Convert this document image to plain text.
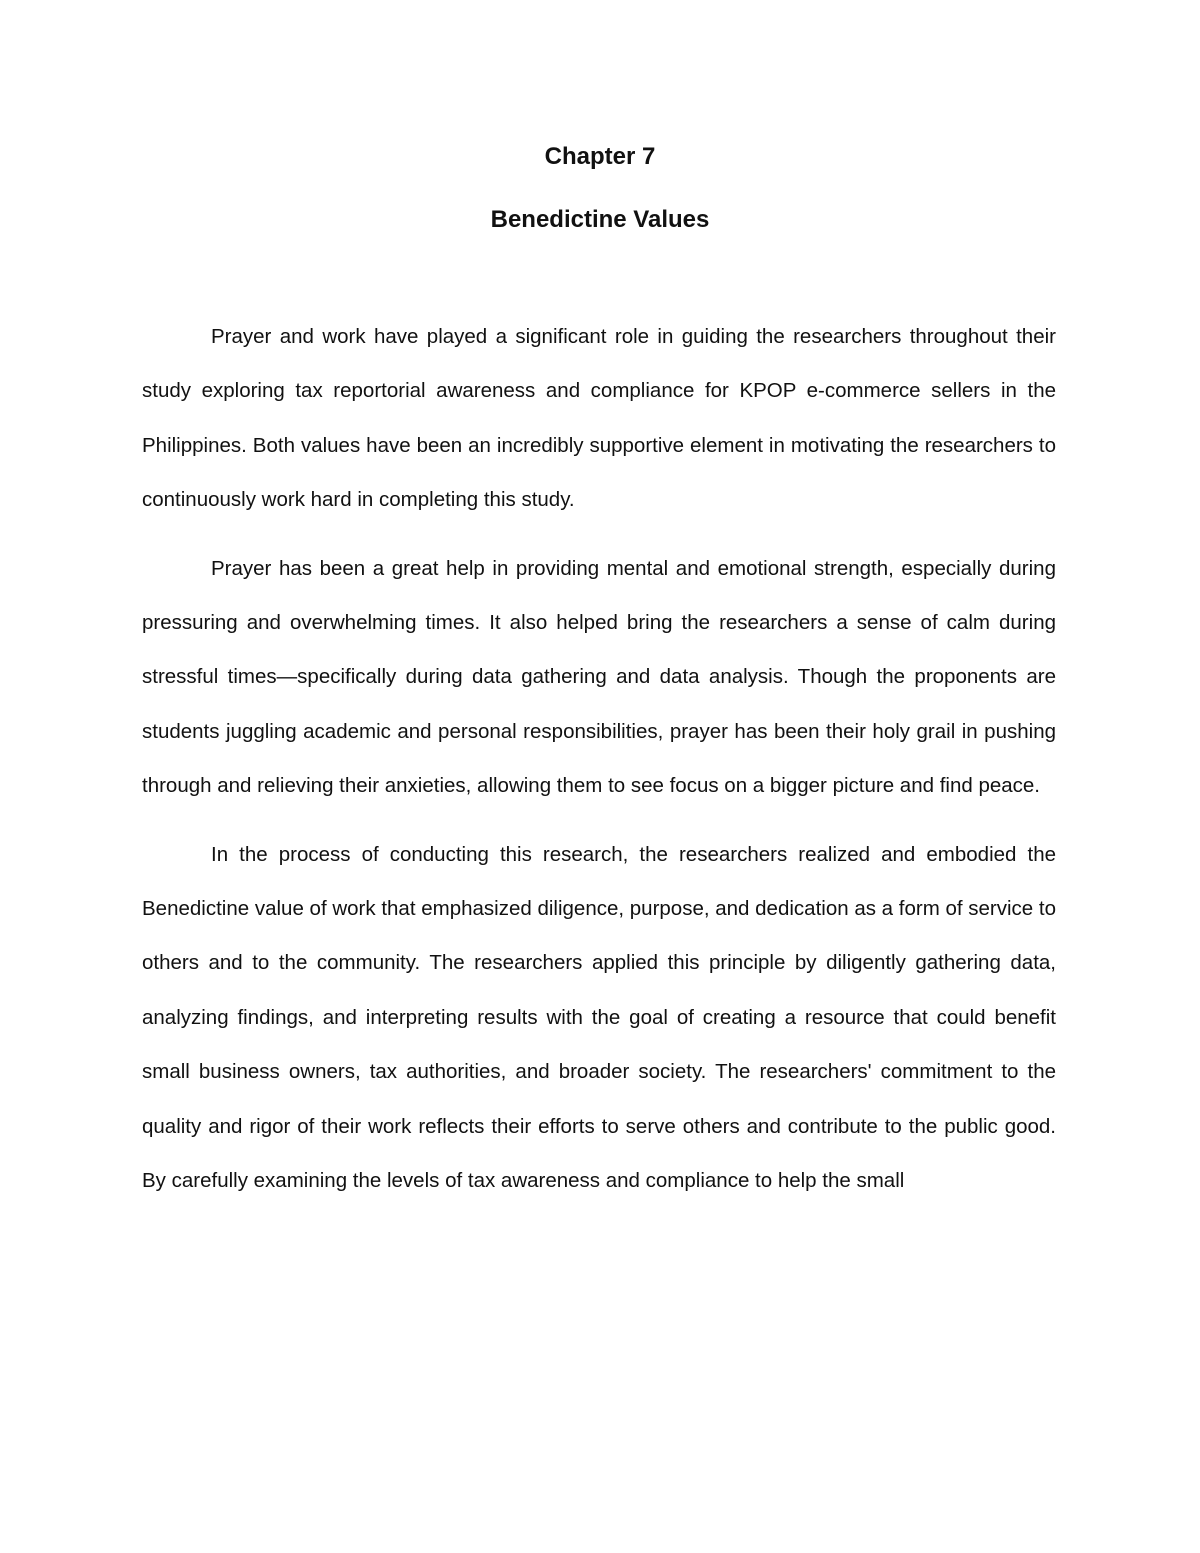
Chapter 7
Benedictine Values

Prayer and work have played a significant role in guiding the researchers throughout their study exploring tax reportorial awareness and compliance for KPOP e-commerce sellers in the Philippines. Both values have been an incredibly supportive element in motivating the researchers to continuously work hard in completing this study.

Prayer has been a great help in providing mental and emotional strength, especially during pressuring and overwhelming times. It also helped bring the researchers a sense of calm during stressful times—specifically during data gathering and data analysis. Though the proponents are students juggling academic and personal responsibilities, prayer has been their holy grail in pushing through and relieving their anxieties, allowing them to see focus on a bigger picture and find peace.

In the process of conducting this research, the researchers realized and embodied the Benedictine value of work that emphasized diligence, purpose, and dedication as a form of service to others and to the community. The researchers applied this principle by diligently gathering data, analyzing findings, and interpreting results with the goal of creating a resource that could benefit small business owners, tax authorities, and broader society. The researchers' commitment to the quality and rigor of their work reflects their efforts to serve others and contribute to the public good. By carefully examining the levels of tax awareness and compliance to help the small
